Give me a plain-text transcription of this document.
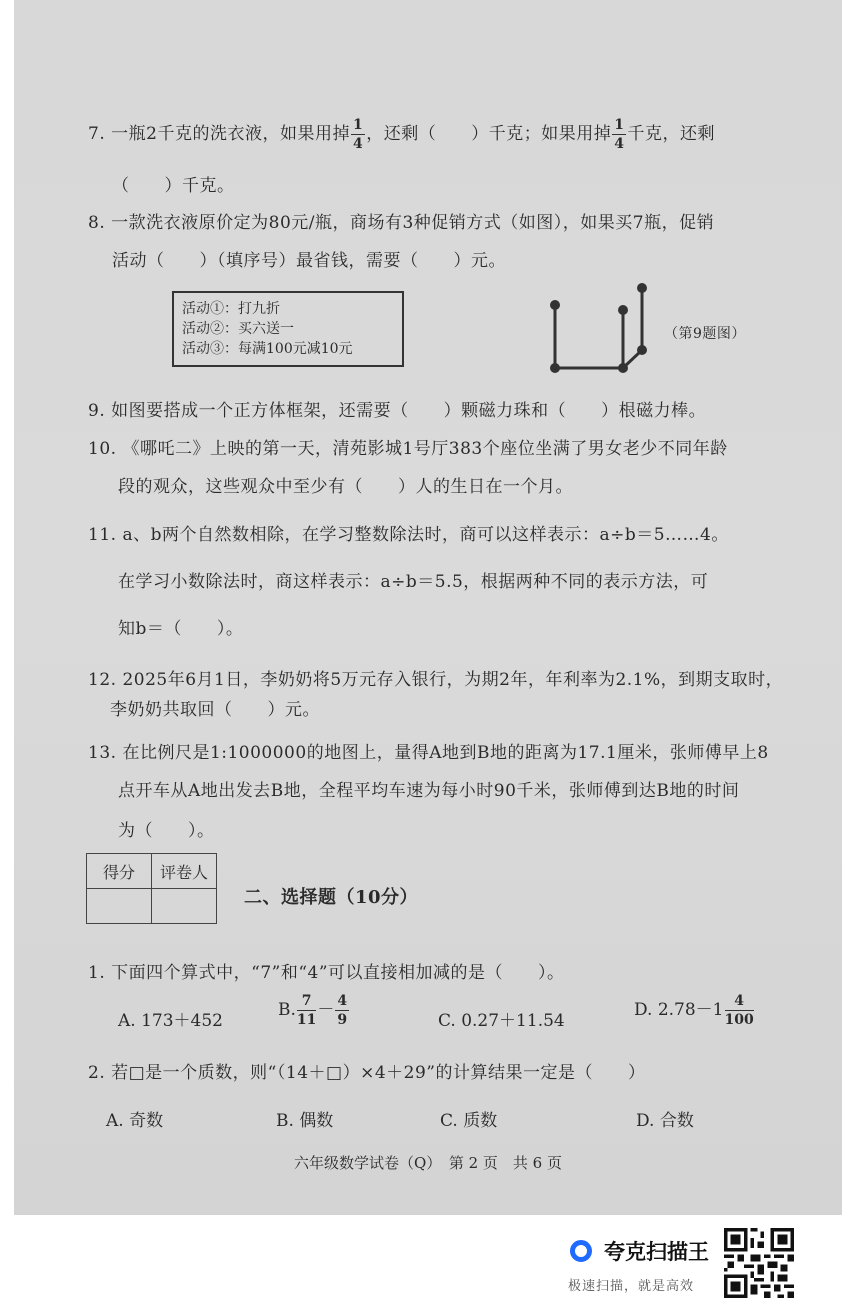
7. 一瓶2千克的洗衣液，如果用掉 $\frac{1}{4}$ ，还剩（　　）千克；如果用掉 $\frac{1}{4}$ 千克，还剩
（　　）千克。
8. 一款洗衣液原价定为80元/瓶，商场有3种促销方式（如图），如果买7瓶，促销
活动（　　）（填序号）最省钱，需要（　　）元。
活动①：打九折
活动②：买六送一
活动③：每满100元减10元
（第9题图）
9. 如图要搭成一个正方体框架，还需要（　　）颗磁力珠和（　　）根磁力棒。
10. 《哪吒二》上映的第一天，清苑影城1号厅383个座位坐满了男女老少不同年龄
段的观众，这些观众中至少有（　　）人的生日在一个月。
11. a、b两个自然数相除，在学习整数除法时，商可以这样表示：a÷b＝5……4。
在学习小数除法时，商这样表示：a÷b＝5.5，根据两种不同的表示方法，可
知b＝（　　）。
12. 2025年6月1日，李奶奶将5万元存入银行，为期2年，年利率为2.1%，到期支取时，
李奶奶共取回（　　）元。
13. 在比例尺是1:1000000的地图上，量得A地到B地的距离为17.1厘米，张师傅早上8
点开车从A地出发去B地，全程平均车速为每小时90千米，张师傅到达B地的时间
为（　　）。
得分	评卷人

二、选择题（10分）
1. 下面四个算式中，“7”和“4”可以直接相加减的是（　　）。
A. 173＋452
B. $\frac{7}{11} - \frac{4}{9}$	C. 0.27＋11.54
D. $2.78-1 \frac{4}{100}$
2. 若□是一个质数，则“（14＋□）×4＋29”的计算结果一定是（　　）
A. 奇数	B. 偶数	C. 质数	D. 合数
六年级数学试卷（Q）　第 2 页　共 6 页
夸克扫描王
极速扫描，就是高效
